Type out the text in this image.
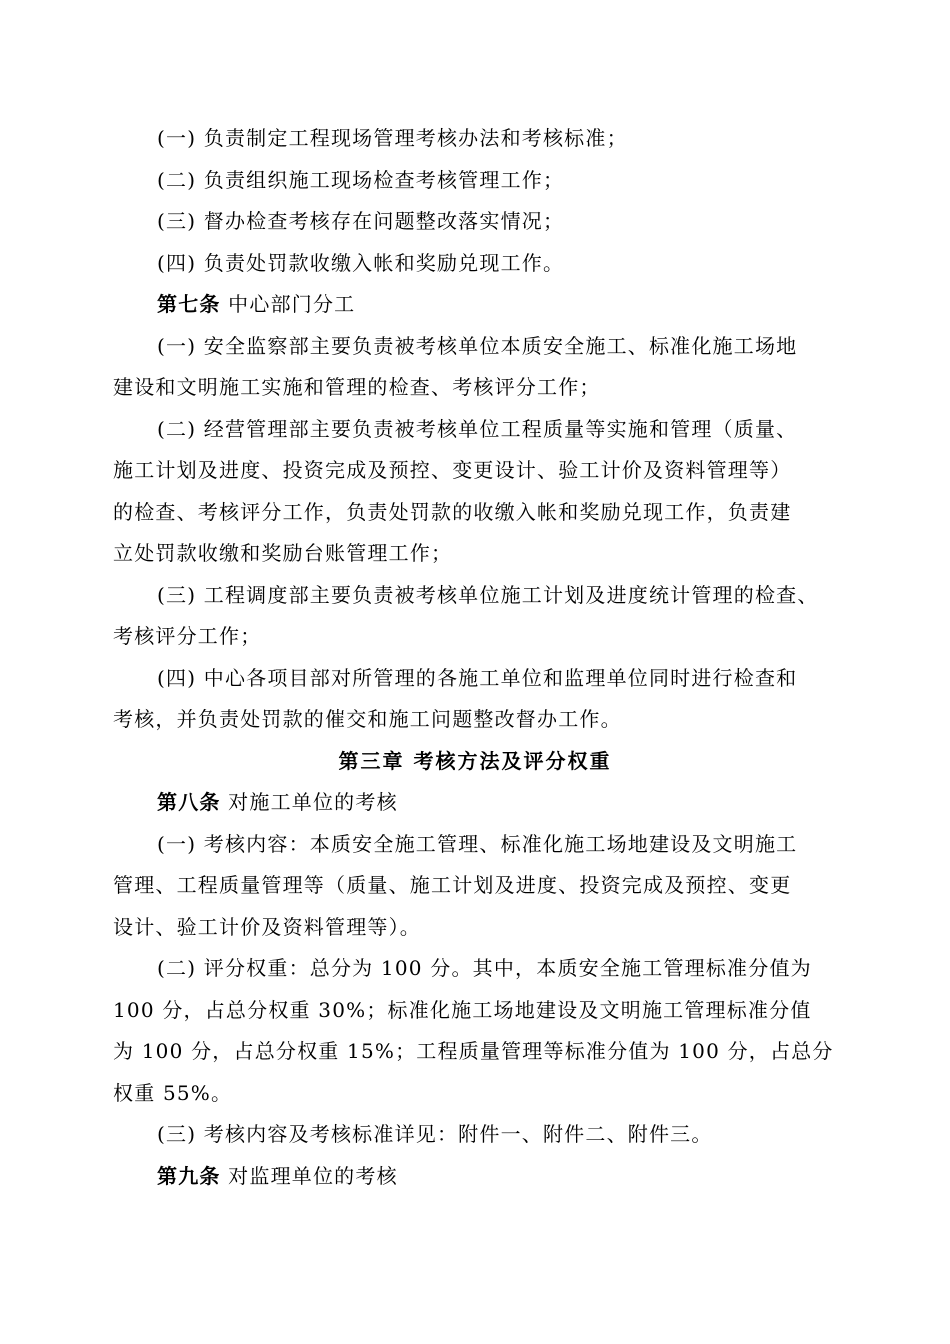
(一) 负责制定工程现场管理考核办法和考核标准；
(二) 负责组织施工现场检查考核管理工作；
(三) 督办检查考核存在问题整改落实情况；
(四) 负责处罚款收缴入帐和奖励兑现工作。
第七条 中心部门分工
(一) 安全监察部主要负责被考核单位本质安全施工、标准化施工场地
建设和文明施工实施和管理的检查、考核评分工作；
(二) 经营管理部主要负责被考核单位工程质量等实施和管理（质量、
施工计划及进度、投资完成及预控、变更设计、验工计价及资料管理等）
的检查、考核评分工作，负责处罚款的收缴入帐和奖励兑现工作，负责建
立处罚款收缴和奖励台账管理工作；
(三) 工程调度部主要负责被考核单位施工计划及进度统计管理的检查、
考核评分工作；
(四) 中心各项目部对所管理的各施工单位和监理单位同时进行检查和
考核，并负责处罚款的催交和施工问题整改督办工作。
第三章 考核方法及评分权重
第八条 对施工单位的考核
(一) 考核内容：本质安全施工管理、标准化施工场地建设及文明施工
管理、工程质量管理等（质量、施工计划及进度、投资完成及预控、变更
设计、验工计价及资料管理等）。
(二) 评分权重：总分为 100 分。其中，本质安全施工管理标准分值为
100 分，占总分权重 30%；标准化施工场地建设及文明施工管理标准分值
为 100 分，占总分权重 15%；工程质量管理等标准分值为 100 分，占总分
权重 55%。
(三) 考核内容及考核标准详见：附件一、附件二、附件三。
第九条 对监理单位的考核
